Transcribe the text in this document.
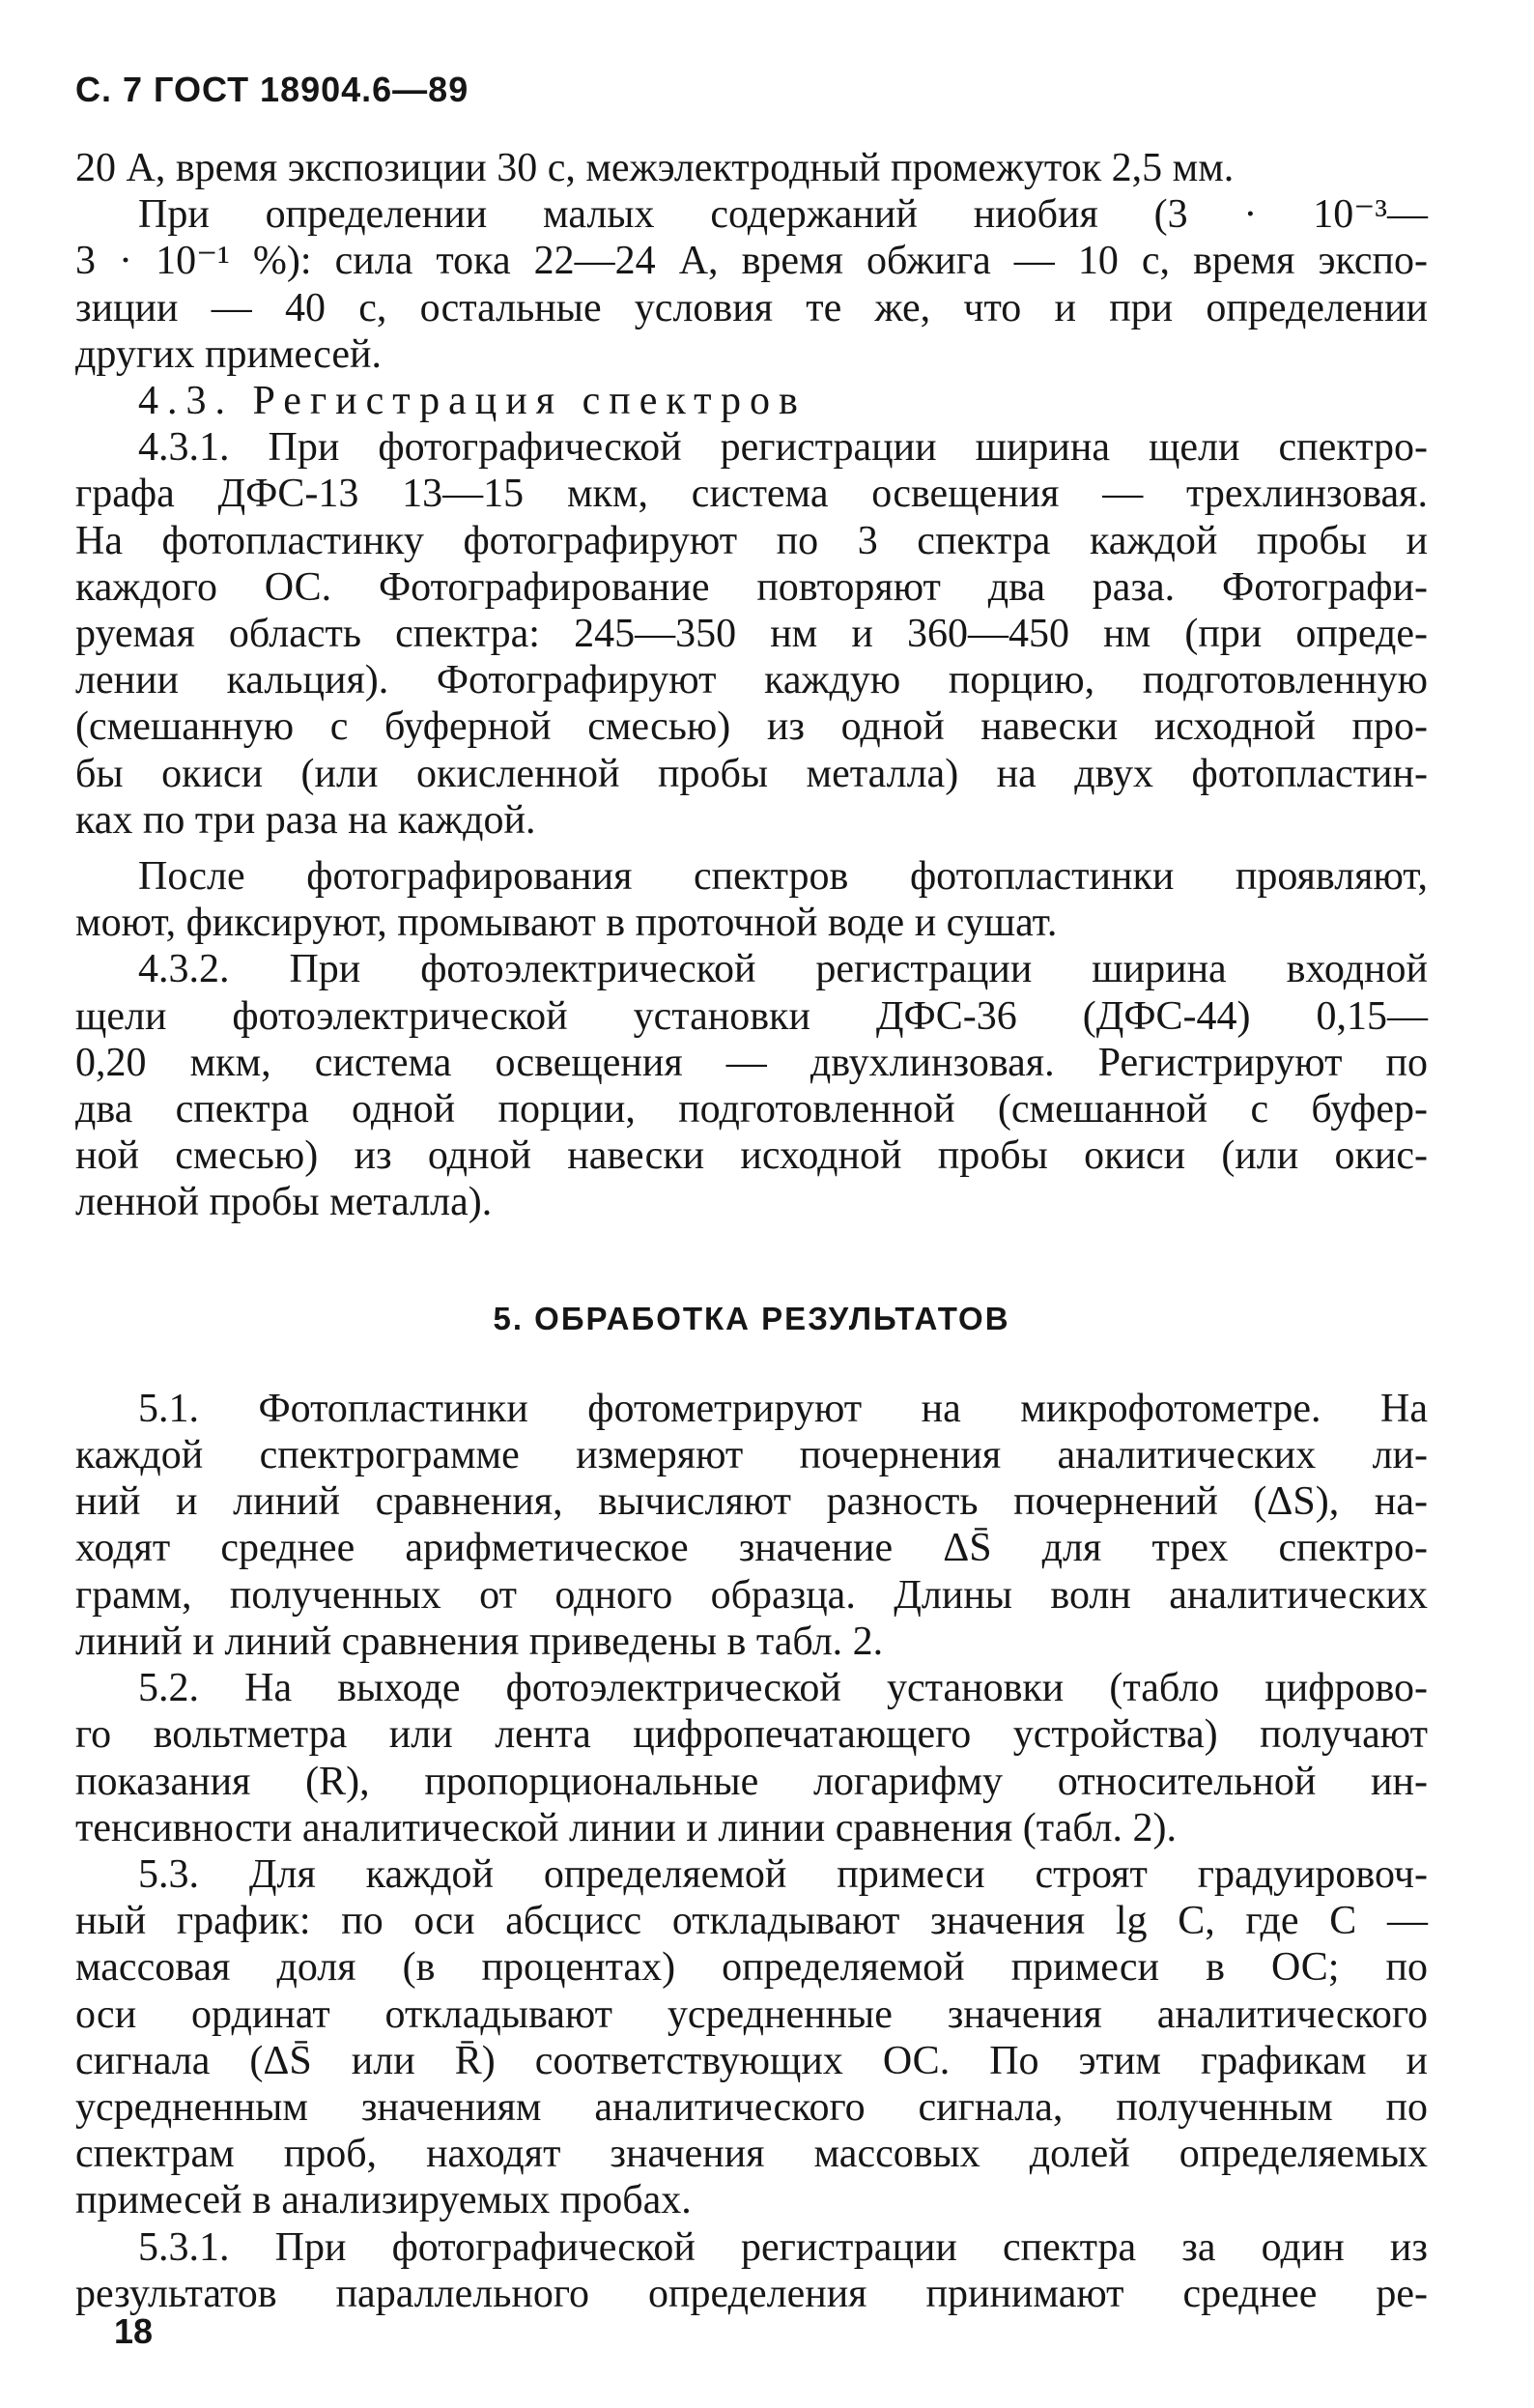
С. 7 ГОСТ 18904.6—89

20 А, время экспозиции 30 с, межэлектродный промежуток 2,5 мм.

При определении малых содержаний ниобия (3 · 10⁻³—
3 · 10⁻¹ %): сила тока 22—24 А, время обжига — 10 с, время экспо-
зиции — 40 с, остальные условия те же, что и при определении
других примесей.

4.3. Регистрация спектров

4.3.1. При фотографической регистрации ширина щели спектро-
графа ДФС-13 13—15 мкм, система освещения — трехлинзовая.
На фотопластинку фотографируют по 3 спектра каждой пробы и
каждого ОС. Фотографирование повторяют два раза. Фотографи-
руемая область спектра: 245—350 нм и 360—450 нм (при опреде-
лении кальция). Фотографируют каждую порцию, подготовленную
(смешанную с буферной смесью) из одной навески исходной про-
бы окиси (или окисленной пробы металла) на двух фотопластин-
ках по три раза на каждой.

После фотографирования спектров фотопластинки проявляют,
моют, фиксируют, промывают в проточной воде и сушат.

4.3.2. При фотоэлектрической регистрации ширина входной
щели фотоэлектрической установки ДФС-36 (ДФС-44) 0,15—
0,20 мкм, система освещения — двухлинзовая. Регистрируют по
два спектра одной порции, подготовленной (смешанной с буфер-
ной смесью) из одной навески исходной пробы окиси (или окис-
ленной пробы металла).

5. ОБРАБОТКА РЕЗУЛЬТАТОВ

5.1. Фотопластинки фотометрируют на микрофотометре. На
каждой спектрограмме измеряют почернения аналитических ли-
ний и линий сравнения, вычисляют разность почернений (ΔS), на-
ходят среднее арифметическое значение ΔS̄ для трех спектро-
грамм, полученных от одного образца. Длины волн аналитических
линий и линий сравнения приведены в табл. 2.

5.2. На выходе фотоэлектрической установки (табло цифрово-
го вольтметра или лента цифропечатающего устройства) получают
показания (R), пропорциональные логарифму относительной ин-
тенсивности аналитической линии и линии сравнения (табл. 2).

5.3. Для каждой определяемой примеси строят градуировоч-
ный график: по оси абсцисс откладывают значения lg C, где C —
массовая доля (в процентах) определяемой примеси в ОС; по
оси ординат откладывают усредненные значения аналитического
сигнала (ΔS̄ или R̄) соответствующих ОС. По этим графикам и
усредненным значениям аналитического сигнала, полученным по
спектрам проб, находят значения массовых долей определяемых
примесей в анализируемых пробах.

5.3.1. При фотографической регистрации спектра за один из
результатов параллельного определения принимают среднее ре-

18
